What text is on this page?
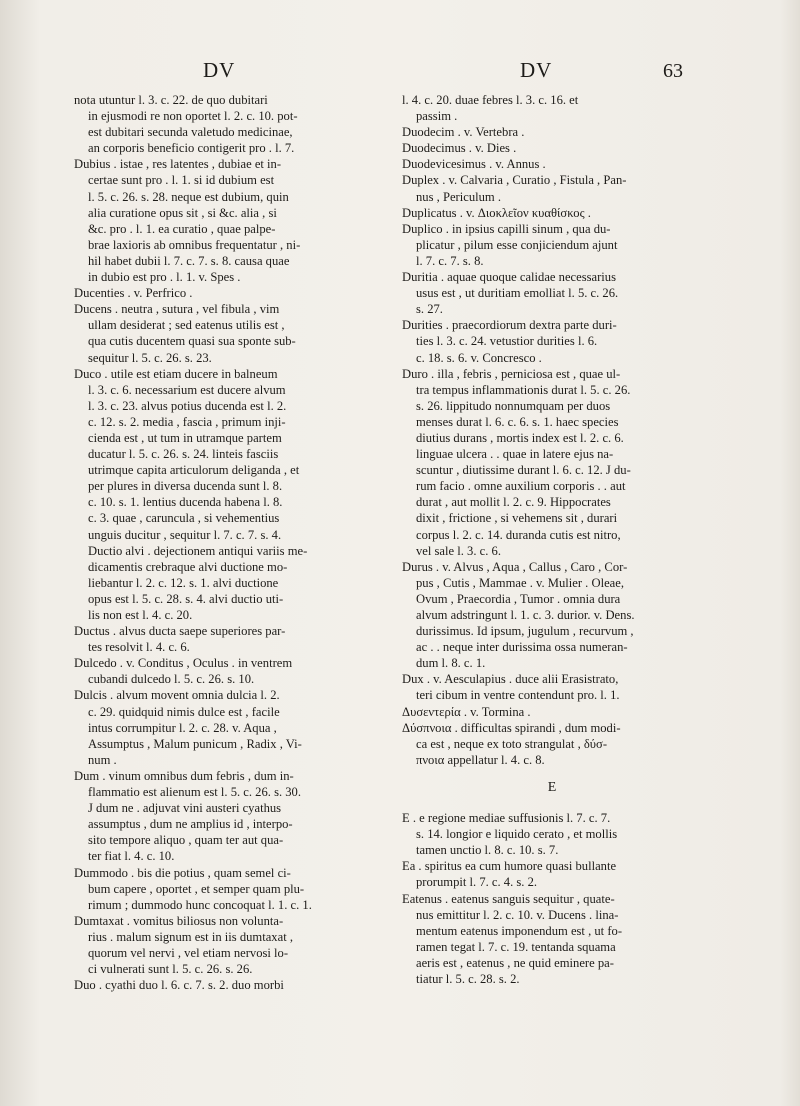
DV	DV	63
nota utuntur l. 3. c. 22. de quo dubitari
in ejusmodi re non oportet l. 2. c. 10. pot-
est dubitari secunda valetudo medicinae,
an corporis beneficio contigerit pro . l. 7.
Dubius . istae , res latentes , dubiae et in-
certae sunt pro . l. 1. si id dubium est
l. 5. c. 26. s. 28. neque est dubium, quin
alia curatione opus sit , si &c. alia , si
&c. pro . l. 1. ea curatio , quae palpe-
brae laxioris ab omnibus frequentatur , ni-
hil habet dubii l. 7. c. 7. s. 8. causa quae
in dubio est pro . l. 1. v. Spes .
Ducenties . v. Perfrico .
Ducens . neutra , sutura , vel fibula , vim
ullam desiderat ; sed eatenus utilis est ,
qua cutis ducentem quasi sua sponte sub-
sequitur l. 5. c. 26. s. 23.
Duco . utile est etiam ducere in balneum
l. 3. c. 6. necessarium est ducere alvum
l. 3. c. 23. alvus potius ducenda est l. 2.
c. 12. s. 2. media , fascia , primum inji-
cienda est , ut tum in utramque partem
ducatur l. 5. c. 26. s. 24. linteis fasciis
utrimque capita articulorum deliganda , et
per plures in diversa ducenda sunt l. 8.
c. 10. s. 1. lentius ducenda habena l. 8.
c. 3. quae , caruncula , si vehementius
unguis ducitur , sequitur l. 7. c. 7. s. 4.
Ductio alvi . dejectionem antiqui variis me-
dicamentis crebraque alvi ductione mo-
liebantur l. 2. c. 12. s. 1. alvi ductione
opus est l. 5. c. 28. s. 4. alvi ductio uti-
lis non est l. 4. c. 20.
Ductus . alvus ducta saepe superiores par-
tes resolvit l. 4. c. 6.
Dulcedo . v. Conditus , Oculus . in ventrem
cubandi dulcedo l. 5. c. 26. s. 10.
Dulcis . alvum movent omnia dulcia l. 2.
c. 29. quidquid nimis dulce est , facile
intus corrumpitur l. 2. c. 28. v. Aqua ,
Assumptus , Malum punicum , Radix , Vi-
num .
Dum . vinum omnibus dum febris , dum in-
flammatio est alienum est l. 5. c. 26. s. 30.
J dum ne . adjuvat vini austeri cyathus
assumptus , dum ne amplius id , interpo-
sito tempore aliquo , quam ter aut qua-
ter fiat l. 4. c. 10.
Dummodo . bis die potius , quam semel ci-
bum capere , oportet , et semper quam plu-
rimum ; dummodo hunc concoquat l. 1. c. 1.
Dumtaxat . vomitus biliosus non volunta-
rius . malum signum est in iis dumtaxat ,
quorum vel nervi , vel etiam nervosi lo-
ci vulnerati sunt l. 5. c. 26. s. 26.
Duo . cyathi duo l. 6. c. 7. s. 2. duo morbi
l. 4. c. 20. duae febres l. 3. c. 16. et
passim .
Duodecim . v. Vertebra .
Duodecimus . v. Dies .
Duodevicesimus . v. Annus .
Duplex . v. Calvaria , Curatio , Fistula , Pan-
nus , Periculum .
Duplicatus . v. Διοκλεῖον κυαθίσκος .
Duplico . in ipsius capilli sinum , qua du-
plicatur , pilum esse conjiciendum ajunt
l. 7. c. 7. s. 8.
Duritia . aquae quoque calidae necessarius
usus est , ut duritiam emolliat l. 5. c. 26.
s. 27.
Durities . praecordiorum dextra parte duri-
ties l. 3. c. 24. vetustior durities l. 6.
c. 18. s. 6. v. Concresco .
Duro . illa , febris , perniciosa est , quae ul-
tra tempus inflammationis durat l. 5. c. 26.
s. 26. lippitudo nonnumquam per duos
menses durat l. 6. c. 6. s. 1. haec species
diutius durans , mortis index est l. 2. c. 6.
linguae ulcera . . quae in latere ejus na-
scuntur , diutissime durant l. 6. c. 12. J du-
rum facio . omne auxilium corporis . . aut
durat , aut mollit l. 2. c. 9. Hippocrates
dixit , frictione , si vehemens sit , durari
corpus l. 2. c. 14. duranda cutis est nitro,
vel sale l. 3. c. 6.
Durus . v. Alvus , Aqua , Callus , Caro , Cor-
pus , Cutis , Mammae . v. Mulier . Oleae,
Ovum , Praecordia , Tumor . omnia dura
alvum adstringunt l. 1. c. 3. durior. v. Dens.
durissimus. Id ipsum, jugulum , recurvum ,
ac . . neque inter durissima ossa numeran-
dum l. 8. c. 1.
Dux . v. Aesculapius . duce alii Erasistrato,
teri cibum in ventre contendunt pro. l. 1.
Δυσεντερία . v. Tormina .
Δύσπνοια . difficultas spirandi , dum modi-
ca est , neque ex toto strangulat , δύσ-
πνοια appellatur l. 4. c. 8.
E
E . e regione mediae suffusionis l. 7. c. 7.
s. 14. longior e liquido cerato , et mollis
tamen unctio l. 8. c. 10. s. 7.
Ea . spiritus ea cum humore quasi bullante
prorumpit l. 7. c. 4. s. 2.
Eatenus . eatenus sanguis sequitur , quate-
nus emittitur l. 2. c. 10. v. Ducens . lina-
mentum eatenus imponendum est , ut fo-
ramen tegat l. 7. c. 19. tentanda squama
aeris est , eatenus , ne quid eminere pa-
tiatur l. 5. c. 28. s. 2.
